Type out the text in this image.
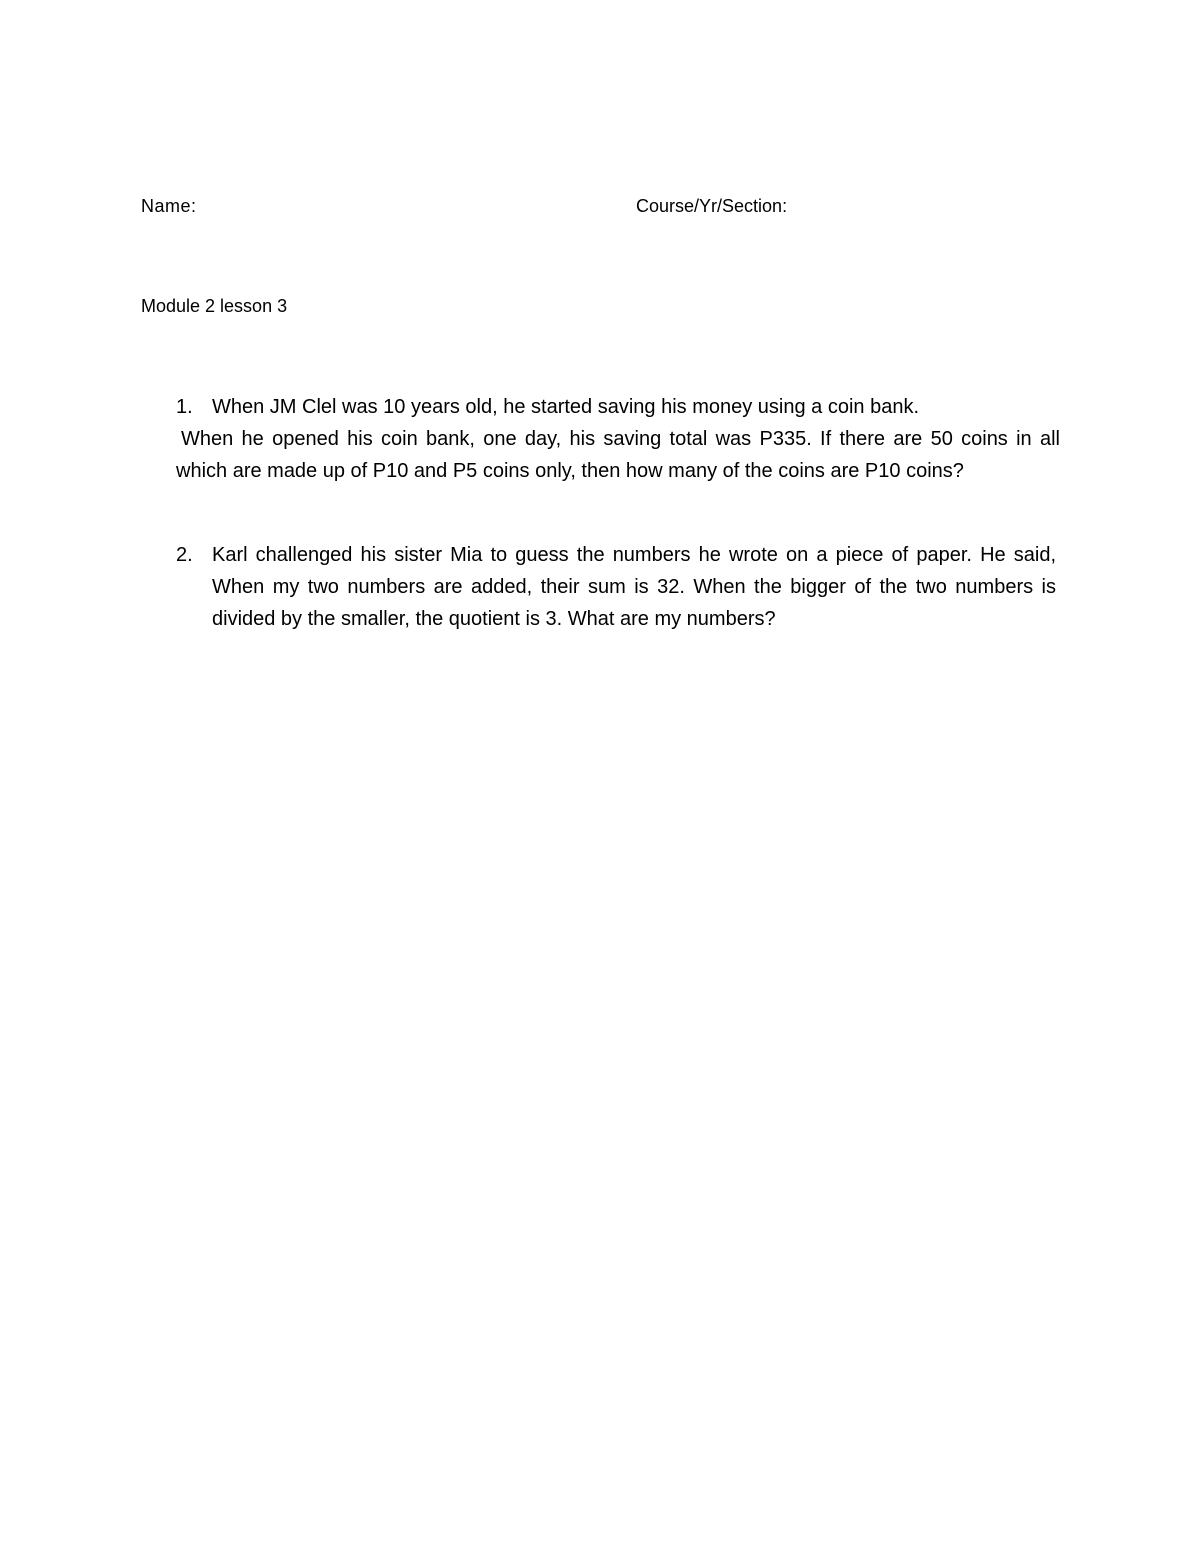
Name:	Course/Yr/Section:
Module 2 lesson 3
1. When JM Clel was 10 years old, he started saving his money using a coin bank.
When he opened his coin bank, one day, his saving total was P335. If there are 50 coins in all which are made up of P10 and P5 coins only, then how many of the coins are P10 coins?
2. Karl challenged his sister Mia to guess the numbers he wrote on a piece of paper. He said, When my two numbers are added, their sum is 32. When the bigger of the two numbers is divided by the smaller, the quotient is 3. What are my numbers?
